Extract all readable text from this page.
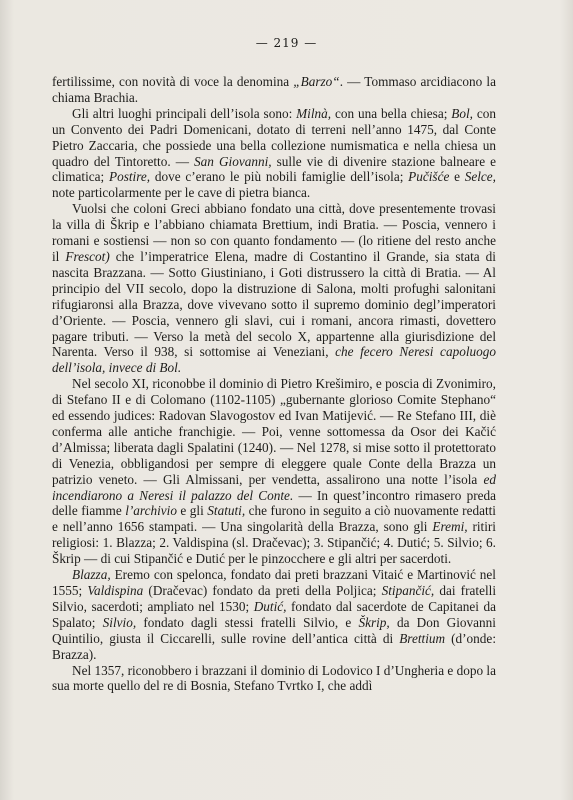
— 219 —

fertilissime, con novità di voce la denomina „Barzo“. — Tommaso arcidiacono la chiama Brachia.

Gli altri luoghi principali dell’isola sono: Milnà, con una bella chiesa; Bol, con un Convento dei Padri Domenicani, dotato di terreni nell’anno 1475, dal Conte Pietro Zaccaria, che possiede una bella collezione numismatica e nella chiesa un quadro del Tintoretto. — San Giovanni, sulle vie di divenire stazione balneare e climatica; Postire, dove c’erano le più nobili famiglie dell’isola; Pučišće e Selce, note particolarmente per le cave di pietra bianca.

Vuolsi che coloni Greci abbiano fondato una città, dove presentemente trovasi la villa di Škrip e l’abbiano chiamata Brettium, indi Bratia. — Poscia, vennero i romani e sostiensi — non so con quanto fondamento — (lo ritiene del resto anche il Frescot) che l’imperatrice Elena, madre di Costantino il Grande, sia stata di nascita Brazzana. — Sotto Giustiniano, i Goti distrussero la città di Bratia. — Al principio del VII secolo, dopo la distruzione di Salona, molti profughi salonitani rifugiaronsi alla Brazza, dove vivevano sotto il supremo dominio degl’imperatori d’Oriente. — Poscia, vennero gli slavi, cui i romani, ancora rimasti, dovettero pagare tributi. — Verso la metà del secolo X, appartenne alla giurisdizione del Narenta. Verso il 938, si sottomise ai Veneziani, che fecero Neresi capoluogo dell’isola, invece di Bol.

Nel secolo XI, riconobbe il dominio di Pietro Krešimiro, e poscia di Zvonimiro, di Stefano II e di Colomano (1102-1105) „gubernante glorioso Comite Stephano“ ed essendo judices: Radovan Slavogostov ed Ivan Matijević. — Re Stefano III, diè conferma alle antiche franchigie. — Poi, venne sottomessa da Osor dei Kačić d’Almissa; liberata dagli Spalatini (1240). — Nel 1278, si mise sotto il protettorato di Venezia, obbligandosi per sempre di eleggere quale Conte della Brazza un patrizio veneto. — Gli Almissani, per vendetta, assalirono una notte l’isola ed incendiarono a Neresi il palazzo del Conte. — In quest’incontro rimasero preda delle fiamme l’archivio e gli Statuti, che furono in seguito a ciò nuovamente redatti e nell’anno 1656 stampati. — Una singolarità della Brazza, sono gli Eremi, ritiri religiosi: 1. Blazza; 2. Valdispina (sl. Dračevac); 3. Stipančić; 4. Dutić; 5. Silvio; 6. Škrip — di cui Stipančić e Dutić per le pinzocchere e gli altri per sacerdoti.

Blazza, Eremo con spelonca, fondato dai preti brazzani Vitaić e Martinović nel 1555; Valdispina (Dračevac) fondato da preti della Poljica; Stipančić, dai fratelli Silvio, sacerdoti; ampliato nel 1530; Dutić, fondato dal sacerdote de Capitanei da Spalato; Silvio, fondato dagli stessi fratelli Silvio, e Škrip, da Don Giovanni Quintilio, giusta il Ciccarelli, sulle rovine dell’antica città di Brettium (d’onde: Brazza).

Nel 1357, riconobbero i brazzani il dominio di Lodovico I d’Ungheria e dopo la sua morte quello del re di Bosnia, Stefano Tvrtko I, che addì
